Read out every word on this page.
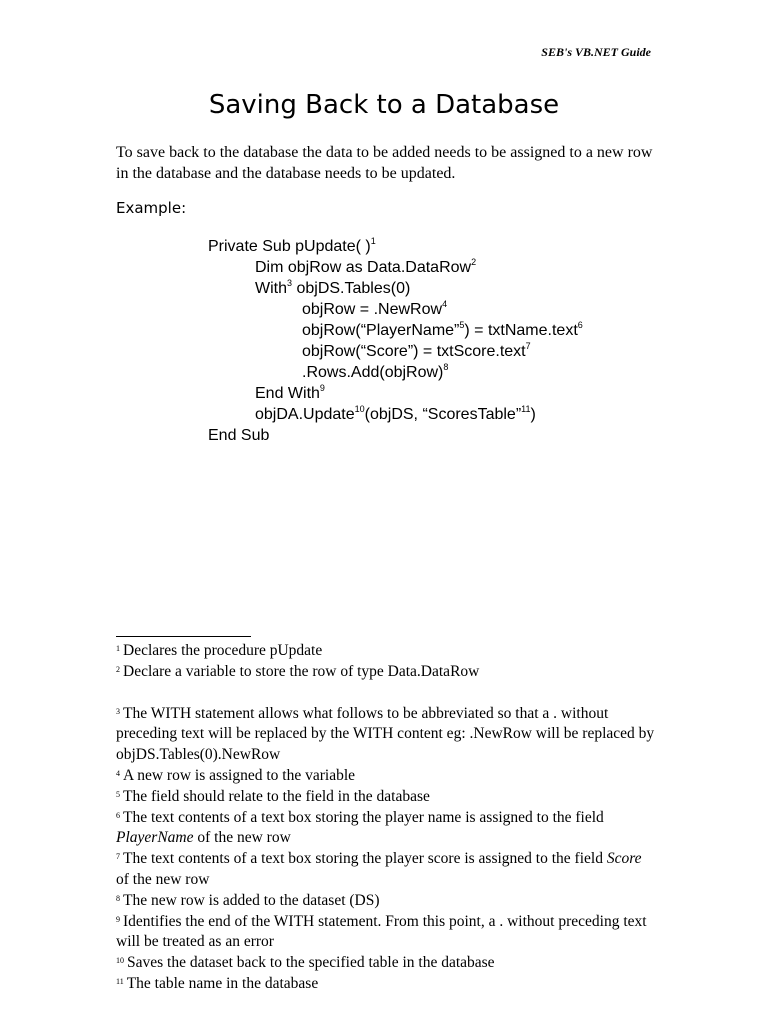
SEB's VB.NET Guide
Saving Back to a Database
To save back to the database the data to be added needs to be assigned to a new row in the database and the database needs to be updated.
Example:
Private Sub pUpdate( )$^1$
Dim objRow as Data.DataRow$^2$
With$^3$ objDS.Tables(0)
objRow = .NewRow$^4$
objRow(“PlayerName”$^5$) = txtName.text$^6$
objRow(“Score”) = txtScore.text$^7$
.Rows.Add(objRow)$^8$
End With$^9$
objDA.Update$^{10}$(objDS, “ScoresTable”$^{11}$)
End Sub
$^1$ Declares the procedure pUpdate
$^2$ Declare a variable to store the row of type Data.DataRow
$^3$ The WITH statement allows what follows to be abbreviated so that a . without preceding text will be replaced by the WITH content eg: .NewRow will be replaced by objDS.Tables(0).NewRow
$^4$ A new row is assigned to the variable
$^5$ The field should relate to the field in the database
$^6$ The text contents of a text box storing the player name is assigned to the field PlayerName of the new row
$^7$ The text contents of a text box storing the player score is assigned to the field Score of the new row
$^8$ The new row is added to the dataset (DS)
$^9$ Identifies the end of the WITH statement. From this point, a . without preceding text will be treated as an error
$^{10}$ Saves the dataset back to the specified table in the database
$^{11}$ The table name in the database
